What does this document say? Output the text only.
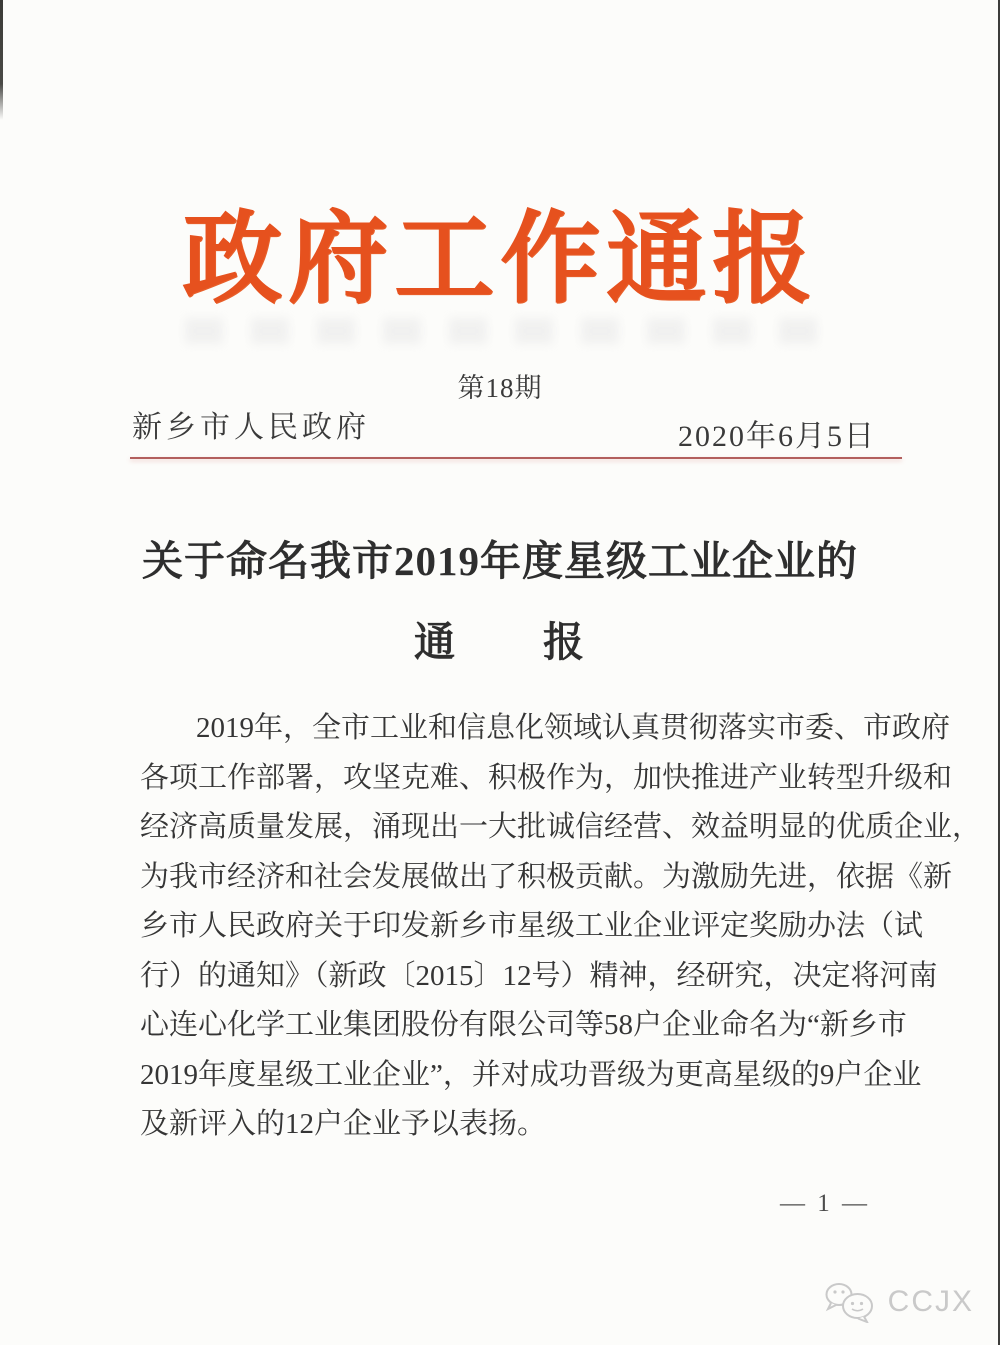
政府工作通报
第18期
新乡市人民政府	2020年6月5日
关于命名我市2019年度星级工业企业的
通　　报
2019年，全市工业和信息化领域认真贯彻落实市委、市政府
各项工作部署，攻坚克难、积极作为，加快推进产业转型升级和
经济高质量发展，涌现出一大批诚信经营、效益明显的优质企业，
为我市经济和社会发展做出了积极贡献。为激励先进，依据《新
乡市人民政府关于印发新乡市星级工业企业评定奖励办法（试
行）的通知》（新政〔2015〕12号）精神，经研究，决定将河南
心连心化学工业集团股份有限公司等58户企业命名为“新乡市
2019年度星级工业企业”，并对成功晋级为更高星级的9户企业
及新评入的12户企业予以表扬。
— 1 —
CCJX
